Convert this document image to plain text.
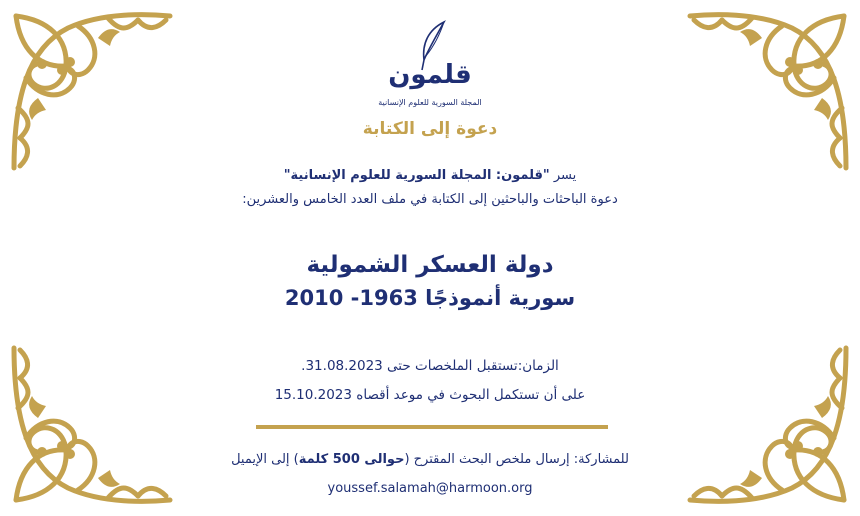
قلمون
المجلة السورية للعلوم الإنسانية
دعوة إلى الكتابة
يسر "قلمون: المجلة السورية للعلوم الإنسانية"
دعوة الباحثات والباحثين إلى الكتابة في ملف العدد الخامس والعشرين:
دولة العسكر الشمولية
سورية أنموذجًا 1963- 2010
الزمان:تستقبل الملخصات حتى 31.08.2023.
على أن تستكمل البحوث في موعد أقصاه 15.10.2023
للمشاركة: إرسال ملخص البحث المقترح (حوالى 500 كلمة) إلى الإيميل
youssef.salamah@harmoon.org
